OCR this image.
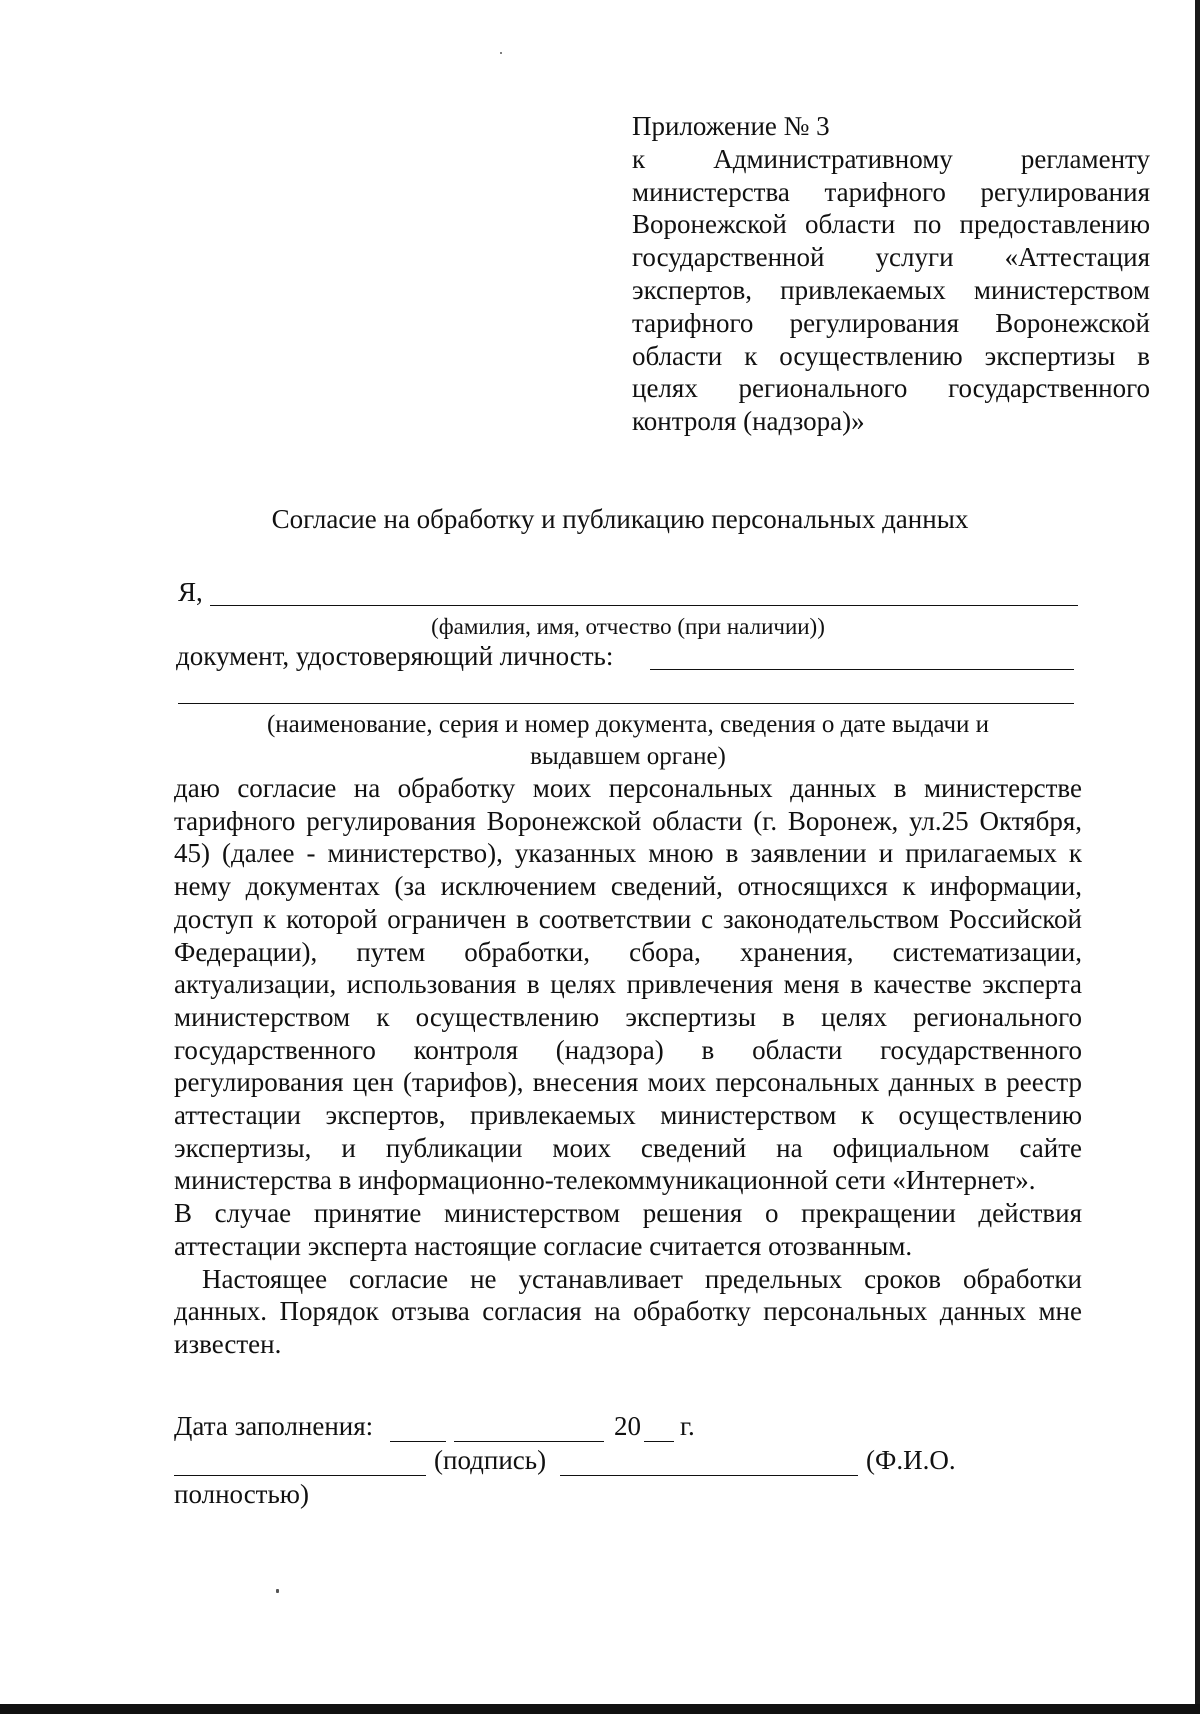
Приложение № 3
к Административному регламенту
министерства тарифного регулирования
Воронежской области по предоставлению
государственной услуги «Аттестация
экспертов, привлекаемых министерством
тарифного регулирования Воронежской
области к осуществлению экспертизы в
целях регионального государственного
контроля (надзора)»
Согласие на обработку и публикацию персональных данных
Я,
(фамилия, имя, отчество (при наличии))
документ, удостоверяющий личность:
(наименование, серия и номер документа, сведения о дате выдачи и
выдавшем органе)

даю согласие на обработку моих персональных данных в министерстве тарифного регулирования Воронежской области (г. Воронеж, ул.25 Октября, 45) (далее - министерство), указанных мною в заявлении и прилагаемых к нему документах (за исключением сведений, относящихся к информации, доступ к которой ограничен в соответствии с законодательством Российской Федерации), путем обработки, сбора, хранения, систематизации, актуализации, использования в целях привлечения меня в качестве эксперта министерством к осуществлению экспертизы в целях регионального государственного контроля (надзора) в области государственного регулирования цен (тарифов), внесения моих персональных данных в реестр аттестации экспертов, привлекаемых министерством к осуществлению экспертизы, и публикации моих сведений на официальном сайте министерства в информационно-телекоммуникационной сети «Интернет».

В случае принятие министерством решения о прекращении действия аттестации эксперта настоящие согласие считается отозванным.

Настоящее согласие не устанавливает предельных сроков обработки данных. Порядок отзыва согласия на обработку персональных данных мне известен.

Дата заполнения:	20 г.
(подпись)	(Ф.И.О.
полностью)
